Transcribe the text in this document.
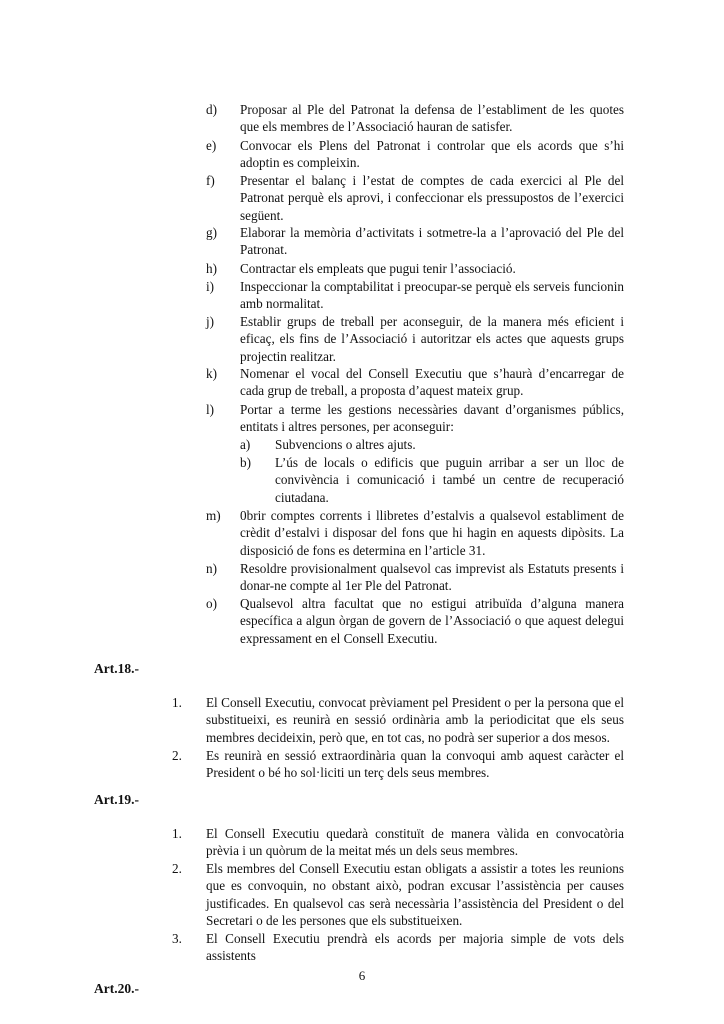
d) Proposar al Ple del Patronat la defensa de l’establiment de les quotes que els membres de l’Associació hauran de satisfer.
e) Convocar els Plens del Patronat i controlar que els acords que s’hi adoptin es compleixin.
f) Presentar el balanç i l’estat de comptes de cada exercici al Ple del Patronat perquè els aprovi, i confeccionar els pressupostos de l’exercici següent.
g) Elaborar la memòria d’activitats i sotmetre-la a l’aprovació del Ple del Patronat.
h) Contractar els empleats que pugui tenir l’associació.
i) Inspeccionar la comptabilitat i preocupar-se perquè els serveis funcionin amb normalitat.
j) Establir grups de treball per aconseguir, de la manera més eficient i eficaç, els fins de l’Associació i autoritzar els actes que aquests grups projectin realitzar.
k) Nomenar el vocal del Consell Executiu que s’haurà d’encarregar de cada grup de treball, a proposta d’aquest mateix grup.
l) Portar a terme les gestions necessàries davant d’organismes públics, entitats i altres persones, per aconseguir:
a) Subvencions o altres ajuts.
b) L’ús de locals o edificis que puguin arribar a ser un lloc de convivència i comunicació i també un centre de recuperació ciutadana.
m) 0brir comptes corrents i llibretes d’estalvis a qualsevol establiment de crèdit d’estalvi i disposar del fons que hi hagin en aquests dipòsits. La disposició de fons es determina en l’article 31.
n) Resoldre provisionalment qualsevol cas imprevist als Estatuts presents i donar-ne compte al 1er Ple del Patronat.
o) Qualsevol altra facultat que no estigui atribuïda d’alguna manera específica a algun òrgan de govern de l’Associació o que aquest delegui expressament en el Consell Executiu.
Art.18.-
1. El Consell Executiu, convocat prèviament pel President o per la persona que el substitueixi, es reunirà en sessió ordinària amb la periodicitat que els seus membres decideixin, però que, en tot cas, no podrà ser superior a dos mesos.
2. Es reunirà en sessió extraordinària quan la convoqui amb aquest caràcter el President o bé ho sol·liciti un terç dels seus membres.
Art.19.-
1. El Consell Executiu quedarà constituït de manera vàlida en convocatòria prèvia i un quòrum de la meitat més un dels seus membres.
2. Els membres del Consell Executiu estan obligats a assistir a totes les reunions que es convoquin, no obstant això, podran excusar l’assistència per causes justificades. En qualsevol cas serà necessària l’assistència del President o del Secretari o de les persones que els substitueixen.
3. El Consell Executiu prendrà els acords per majoria simple de vots dels assistents
Art.20.-
6
